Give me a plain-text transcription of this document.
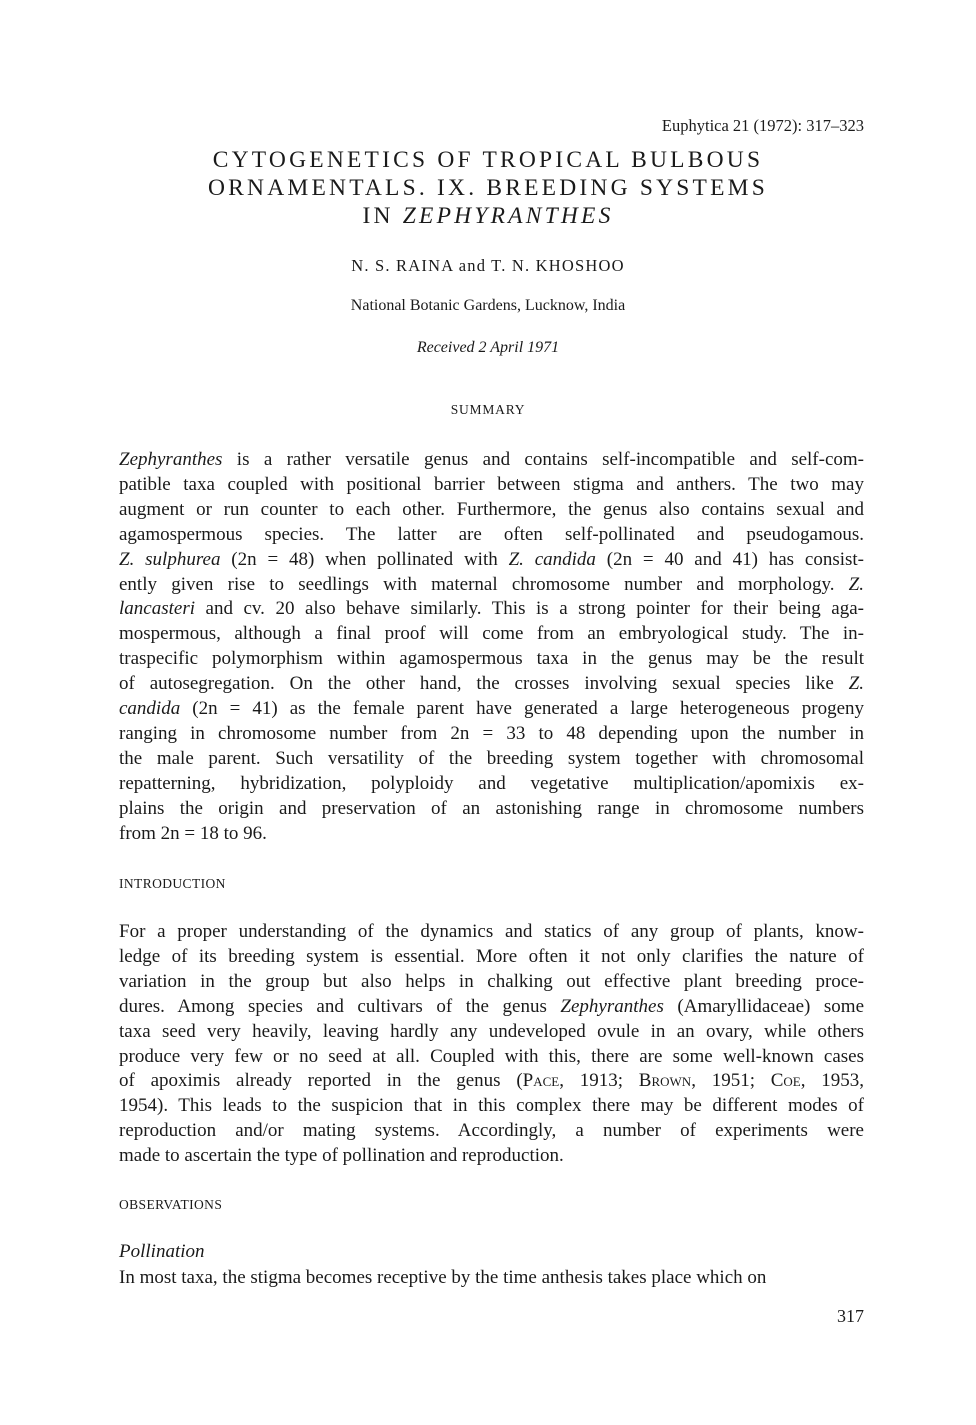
Euphytica 21 (1972): 317–323
CYTOGENETICS OF TROPICAL BULBOUS
ORNAMENTALS. IX. BREEDING SYSTEMS
IN ZEPHYRANTHES
N. S. RAINA and T. N. KHOSHOO
National Botanic Gardens, Lucknow, India
Received 2 April 1971
SUMMARY
Zephyranthes is a rather versatile genus and contains self-incompatible and self-com-
patible taxa coupled with positional barrier between stigma and anthers. The two may
augment or run counter to each other. Furthermore, the genus also contains sexual and
agamospermous species. The latter are often self-pollinated and pseudogamous.
Z. sulphurea (2n = 48) when pollinated with Z. candida (2n = 40 and 41) has consist-
ently given rise to seedlings with maternal chromosome number and morphology. Z.
lancasteri and cv. 20 also behave similarly. This is a strong pointer for their being aga-
mospermous, although a final proof will come from an embryological study. The in-
traspecific polymorphism within agamospermous taxa in the genus may be the result
of autosegregation. On the other hand, the crosses involving sexual species like Z.
candida (2n = 41) as the female parent have generated a large heterogeneous progeny
ranging in chromosome number from 2n = 33 to 48 depending upon the number in
the male parent. Such versatility of the breeding system together with chromosomal
repatterning, hybridization, polyploidy and vegetative multiplication/apomixis ex-
plains the origin and preservation of an astonishing range in chromosome numbers
from 2n = 18 to 96.
INTRODUCTION
For a proper understanding of the dynamics and statics of any group of plants, know-
ledge of its breeding system is essential. More often it not only clarifies the nature of
variation in the group but also helps in chalking out effective plant breeding proce-
dures. Among species and cultivars of the genus Zephyranthes (Amaryllidaceae) some
taxa seed very heavily, leaving hardly any undeveloped ovule in an ovary, while others
produce very few or no seed at all. Coupled with this, there are some well-known cases
of apoximis already reported in the genus (Pace, 1913; Brown, 1951; Coe, 1953,
1954). This leads to the suspicion that in this complex there may be different modes of
reproduction and/or mating systems. Accordingly, a number of experiments were
made to ascertain the type of pollination and reproduction.
OBSERVATIONS
Pollination
In most taxa, the stigma becomes receptive by the time anthesis takes place which on
317
